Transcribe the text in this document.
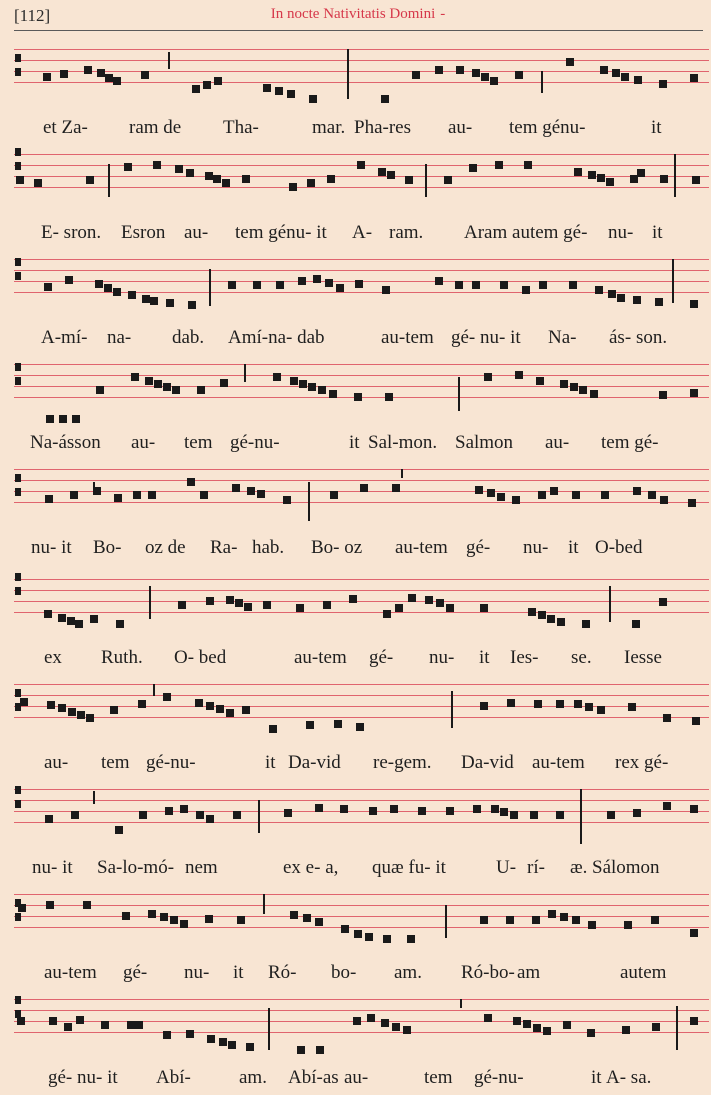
[112]	In nocte Nativitatis Domini -
et Za- ram de Tha-	mar. Pha-res au- tem génu-	it
E- sron. Esron au- tem génu- it A- ram. Aram autem gé- nu- it
A-mí- na- dab. Amí-na- dab	au-tem gé- nu- it Na- ás- son.
Na-ásson au- tem gé-nu-	it Sal-mon. Salmon au- tem gé-
nu- it Bo- oz de Ra- hab. Bo- oz au-tem gé- nu- it O-bed
ex Ruth. O- bed	au-tem gé- nu- it Ies- se. Iesse
au- tem gé-nu-	it Da-vid re-gem. Da-vid au-tem rex gé-
nu- it Sa-lo-mó- nem	ex e- a, quæ fu- it	U- rí- æ. Sálomon
au-tem gé- nu- it Ró- bo- am. Ró-bo- am	autem
gé- nu- it Abí-	am. Abí-as au-	tem gé-nu-	it A- sa.
